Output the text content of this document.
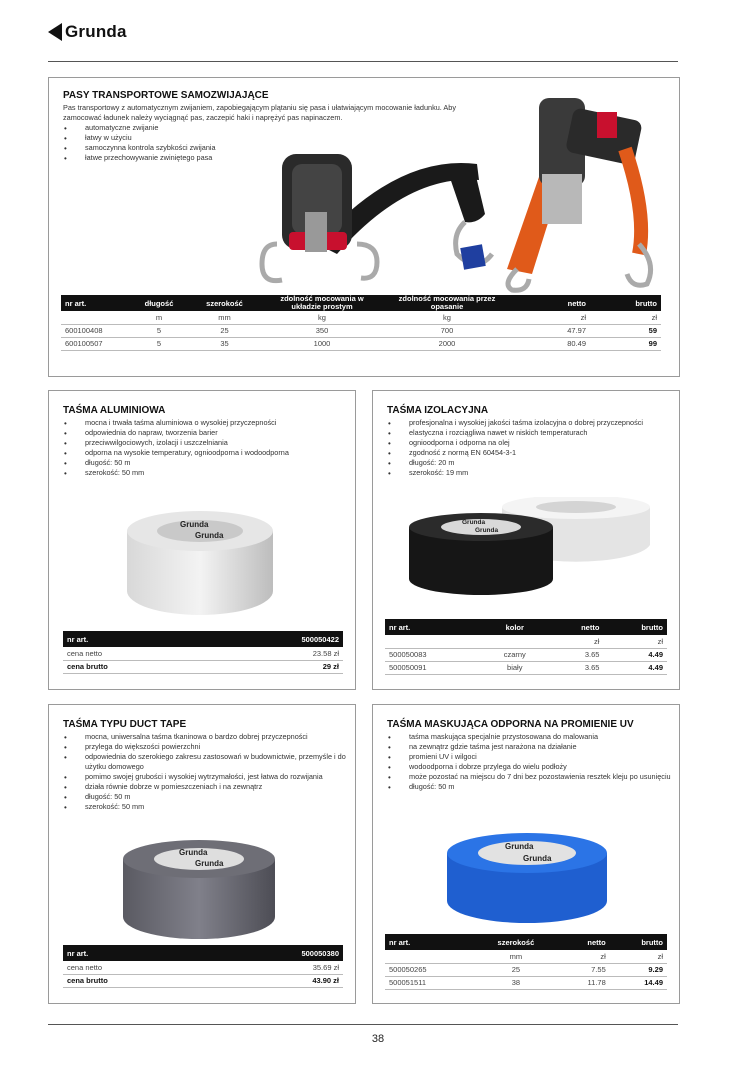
Grunda
PASY TRANSPORTOWE SAMOZWIJAJĄCE
Pas transportowy z automatycznym zwijaniem, zapobiegającym plątaniu się pasa i ułatwiającym mocowanie ładunku. Aby zamocować ładunek należy wyciągnąć pas, zaczepić haki i naprężyć pas napinaczem.
• automatyczne zwijanie
• łatwy w użyciu
• samoczynna kontrola szybkości zwijania
• łatwe przechowywanie zwiniętego pasa
nr art.	długość	szerokość	zdolność mocowania w układzie prostym	zdolność mocowania przez opasanie	netto	brutto
	m	mm	kg	kg	zł	zł
600100408	5	25	350	700	47.97	59
600100507	5	35	1000	2000	80.49	99
TAŚMA ALUMINIOWA
• mocna i trwała taśma aluminiowa o wysokiej przyczepności
• odpowiednia do napraw, tworzenia barier
• przeciwwilgociowych, izolacji i uszczelniania
• odporna na wysokie temperatury, ognioodporna i wodoodporna
• długość: 50 m
• szerokość: 50 mm
Grunda
Grunda
nr art.	500050422
cena netto	23.58 zł
cena brutto	29 zł
TAŚMA IZOLACYJNA
• profesjonalna i wysokiej jakości taśma izolacyjna o dobrej przyczepności
• elastyczna i rozciągliwa nawet w niskich temperaturach
• ognioodporna i odporna na olej
• zgodność z normą EN 60454-3-1
• długość: 20 m
• szerokość: 19 mm
Grunda
Grunda
nr art.	kolor	netto	brutto
		zł	zł
500050083	czarny	3.65	4.49
500050091	biały	3.65	4.49
TAŚMA TYPU DUCT TAPE
• mocna, uniwersalna taśma tkaninowa o bardzo dobrej przyczepności
• przylega do większości powierzchni
• odpowiednia do szerokiego zakresu zastosowań w budownictwie, przemyśle i do użytku domowego
• pomimo swojej grubości i wysokiej wytrzymałości, jest łatwa do rozwijania
• działa równie dobrze w pomieszczeniach i na zewnątrz
• długość: 50 m
• szerokość: 50 mm
Grunda
Grunda
nr art.	500050380
cena netto	35.69 zł
cena brutto	43.90 zł
TAŚMA MASKUJĄCA ODPORNA NA PROMIENIE UV
• taśma maskująca specjalnie przystosowana do malowania
• na zewnątrz gdzie taśma jest narażona na działanie
• promieni UV i wilgoci
• wodoodporna i dobrze przylega do wielu podłoży
• może pozostać na miejscu do 7 dni bez pozostawienia resztek kleju po usunięciu
• długość: 50 m
Grunda
Grunda
nr art.	szerokość	netto	brutto
	mm	zł	zł
500050265	25	7.55	9.29
500051511	38	11.78	14.49
38
